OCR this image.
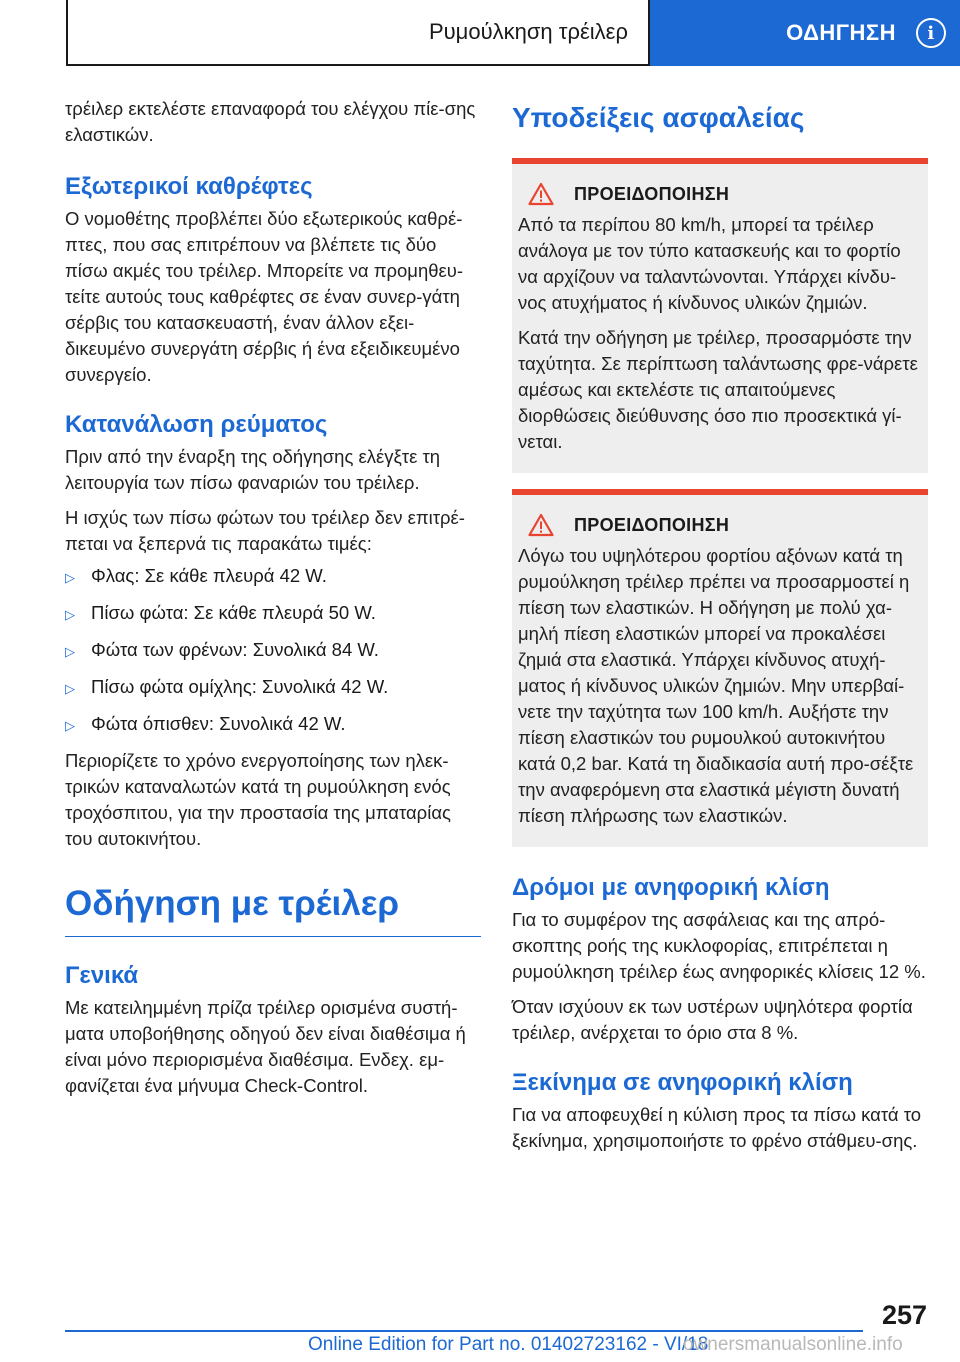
Ρυμούλκηση τρέιλερ	ΟΔΗΓΗΣΗ	i

τρέιλερ εκτελέστε επαναφορά του ελέγχου πίε-σης ελαστικών.

Εξωτερικοί καθρέφτες

Ο νομοθέτης προβλέπει δύο εξωτερικούς καθρέ-πτες, που σας επιτρέπουν να βλέπετε τις δύο πίσω ακμές του τρέιλερ. Μπορείτε να προμηθευ-τείτε αυτούς τους καθρέφτες σε έναν συνερ-γάτη σέρβις του κατασκευαστή, έναν άλλον εξει-δικευμένο συνεργάτη σέρβις ή ένα εξειδικευμένο συνεργείο.

Κατανάλωση ρεύματος

Πριν από την έναρξη της οδήγησης ελέγξτε τη λειτουργία των πίσω φαναριών του τρέιλερ.

Η ισχύς των πίσω φώτων του τρέιλερ δεν επιτρέ-πεται να ξεπερνά τις παρακάτω τιμές:

▷ Φλας: Σε κάθε πλευρά 42 W.
▷ Πίσω φώτα: Σε κάθε πλευρά 50 W.
▷ Φώτα των φρένων: Συνολικά 84 W.
▷ Πίσω φώτα ομίχλης: Συνολικά 42 W.
▷ Φώτα όπισθεν: Συνολικά 42 W.

Περιορίζετε το χρόνο ενεργοποίησης των ηλεκ-τρικών καταναλωτών κατά τη ρυμούλκηση ενός τροχόσπιτου, για την προστασία της μπαταρίας του αυτοκινήτου.

Οδήγηση με τρέιλερ
Γενικά

Με κατειλημμένη πρίζα τρέιλερ ορισμένα συστή-ματα υποβοήθησης οδηγού δεν είναι διαθέσιμα ή είναι μόνο περιορισμένα διαθέσιμα. Ενδεχ. εμ-φανίζεται ένα μήνυμα Check-Control.

Υποδείξεις ασφαλείας
ΠΡΟΕΙΔΟΠΟΙΗΣΗ

Από τα περίπου 80 km/h, μπορεί τα τρέιλερ ανάλογα με τον τύπο κατασκευής και το φορτίο να αρχίζουν να ταλαντώνονται. Υπάρχει κίνδυ-νος ατυχήματος ή κίνδυνος υλικών ζημιών.

Κατά την οδήγηση με τρέιλερ, προσαρμόστε την ταχύτητα. Σε περίπτωση ταλάντωσης φρε-νάρετε αμέσως και εκτελέστε τις απαιτούμενες διορθώσεις διεύθυνσης όσο πιο προσεκτικά γί-νεται.

ΠΡΟΕΙΔΟΠΟΙΗΣΗ

Λόγω του υψηλότερου φορτίου αξόνων κατά τη ρυμούλκηση τρέιλερ πρέπει να προσαρμοστεί η πίεση των ελαστικών. Η οδήγηση με πολύ χα-μηλή πίεση ελαστικών μπορεί να προκαλέσει ζημιά στα ελαστικά. Υπάρχει κίνδυνος ατυχή-ματος ή κίνδυνος υλικών ζημιών. Μην υπερβαί-νετε την ταχύτητα των 100 km/h. Αυξήστε την πίεση ελαστικών του ρυμουλκού αυτοκινήτου κατά 0,2 bar. Κατά τη διαδικασία αυτή προ-σέξτε την αναφερόμενη στα ελαστικά μέγιστη δυνατή πίεση πλήρωσης των ελαστικών.

Δρόμοι με ανηφορική κλίση

Για το συμφέρον της ασφάλειας και της απρό-σκοπτης ροής της κυκλοφορίας, επιτρέπεται η ρυμούλκηση τρέιλερ έως ανηφορικές κλίσεις 12 %.

Όταν ισχύουν εκ των υστέρων υψηλότερα φορτία τρέιλερ, ανέρχεται το όριο στα 8 %.

Ξεκίνημα σε ανηφορική κλίση

Για να αποφευχθεί η κύλιση προς τα πίσω κατά το ξεκίνημα, χρησιμοποιήστε το φρένο στάθμευ-σης.

257
Online Edition for Part no. 01402723162 - VI/18
ownersmanualsonline.info
